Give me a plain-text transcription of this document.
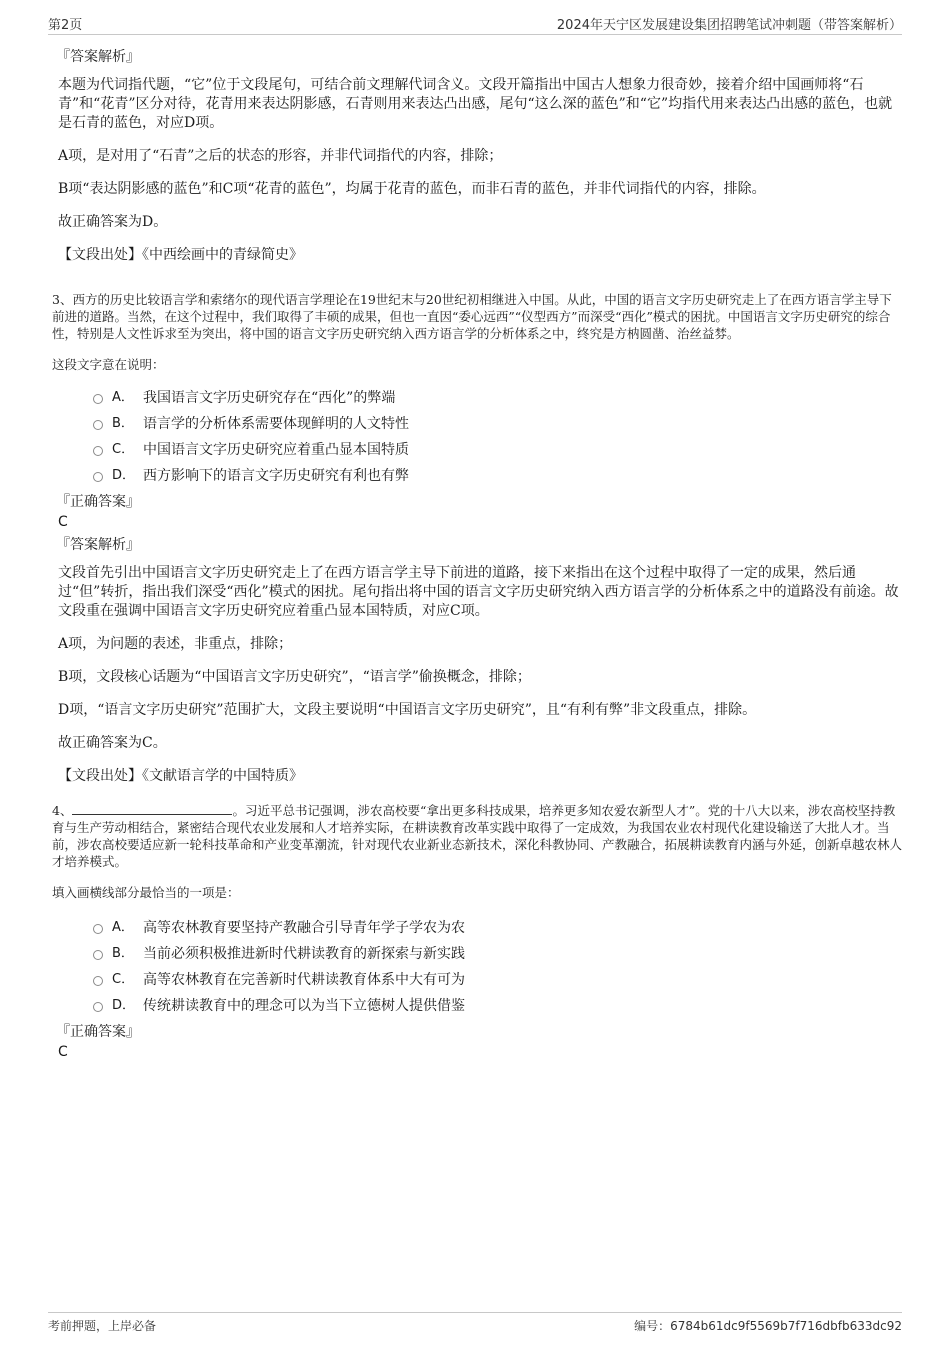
第2页	2024年天宁区发展建设集团招聘笔试冲刺题（带答案解析）

『答案解析』

本题为代词指代题，“它”位于文段尾句，可结合前文理解代词含义。文段开篇指出中国古人想象力很奇妙，接着介绍中国画师将“石青”和“花青”区分对待，花青用来表达阴影感，石青则用来表达凸出感，尾句“这么深的蓝色”和“它”均指代用来表达凸出感的蓝色，也就是石青的蓝色，对应D项。

A项，是对用了“石青”之后的状态的形容，并非代词指代的内容，排除；

B项“表达阴影感的蓝色”和C项“花青的蓝色”，均属于花青的蓝色，而非石青的蓝色，并非代词指代的内容，排除。

故正确答案为D。

【文段出处】《中西绘画中的青绿简史》

3、西方的历史比较语言学和索绪尔的现代语言学理论在19世纪末与20世纪初相继进入中国。从此，中国的语言文字历史研究走上了在西方语言学主导下前进的道路。当然，在这个过程中，我们取得了丰硕的成果，但也一直因“委心远西”“仪型西方”而深受“西化”模式的困扰。中国语言文字历史研究的综合性，特别是人文性诉求至为突出，将中国的语言文字历史研究纳入西方语言学的分析体系之中，终究是方枘圆凿、治丝益棼。

这段文字意在说明：

A． 我国语言文字历史研究存在“西化”的弊端
B． 语言学的分析体系需要体现鲜明的人文特性
C． 中国语言文字历史研究应着重凸显本国特质
D． 西方影响下的语言文字历史研究有利也有弊

『正确答案』

C

『答案解析』

文段首先引出中国语言文字历史研究走上了在西方语言学主导下前进的道路，接下来指出在这个过程中取得了一定的成果，然后通过“但”转折，指出我们深受“西化”模式的困扰。尾句指出将中国的语言文字历史研究纳入西方语言学的分析体系之中的道路没有前途。故文段重在强调中国语言文字历史研究应着重凸显本国特质，对应C项。

A项，为问题的表述，非重点，排除；

B项，文段核心话题为“中国语言文字历史研究”，“语言学”偷换概念，排除；

D项，“语言文字历史研究”范围扩大，文段主要说明“中国语言文字历史研究”，且“有利有弊”非文段重点，排除。

故正确答案为C。

【文段出处】《文献语言学的中国特质》

4、	。习近平总书记强调，涉农高校要“拿出更多科技成果，培养更多知农爱农新型人才”。党的十八大以来，涉农高校坚持教育与生产劳动相结合，紧密结合现代农业发展和人才培养实际，在耕读教育改革实践中取得了一定成效，为我国农业农村现代化建设输送了大批人才。当前，涉农高校要适应新一轮科技革命和产业变革潮流，针对现代农业新业态新技术，深化科教协同、产教融合，拓展耕读教育内涵与外延，创新卓越农林人才培养模式。

填入画横线部分最恰当的一项是：

A． 高等农林教育要坚持产教融合引导青年学子学农为农
B． 当前必须积极推进新时代耕读教育的新探索与新实践
C． 高等农林教育在完善新时代耕读教育体系中大有可为
D． 传统耕读教育中的理念可以为当下立德树人提供借鉴

『正确答案』

C

考前押题，上岸必备	编号：6784b61dc9f5569b7f716dbfb633dc92
